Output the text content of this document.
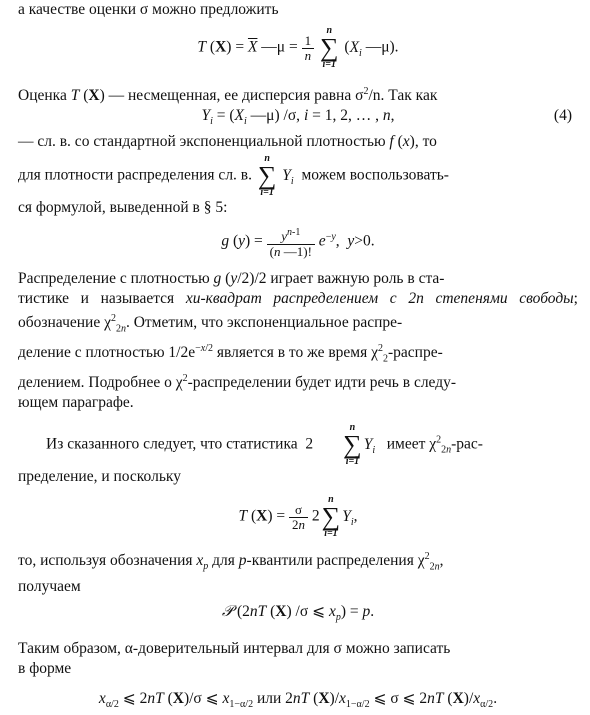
а качестве оценки σ можно предложить

T $(X) = \overline{X}$ —μ = $\frac{1}{n}$

n
∑
i=1
($X_i$ —μ).

Оценка T (X) — несмещенная, ее дисперсия равна $\sigma^2/n$. Так как

$Y_i = (X_i$ —μ) /σ, i = 1, 2, … , n,	(4)

— сл. в. со стандартной экспоненциальной плотностью f (x), то

для плотности распределения сл. в.
n
∑
i=1
$Y_i$ можем воспользовать-

ся формулой, выведенной в § 5:

g $(y) = \frac{y^{n-1}}{(n —1)!} e^{-y}$,  y>0.

Распределение с плотностью g (y/2)/2 играет важную роль в ста-

тистике и называется хи-квадрат распределением с 2n степенями свободы; обозначение $\chi^2_{2n}$. Отметим, что экспоненциальное распре-

деление с плотностью $1/2e^{-x/2}$ является в то же время $\chi^2_2-распре-$

делением. Подробнее о $\chi^2$-распределении будет идти речь в следу-

ющем параграфе.

Из сказанного следует, что статистика  2
n
∑
i=1
$Y_i$ имеет $\chi^2_{2n}-рас-$

пределение, и поскольку

T $(X) = \frac{\sigma}{2n} 2$
n
∑
i=1
$Y_i$,

то, используя обозначения $x_p$ для p-квантили распределения $\chi^2_{2n}$,

получаем

𝒫 (2nT (X) /σ ⩽ $x_p) = p$.

Таким образом, α-доверительный интервал для σ можно записать

в форме

$x_{\alpha/2}$ ⩽ 2nT (X)/σ ⩽ $x_{1-\alpha/2}$ или 2nT $(X)/x_{1-\alpha/2}$ ⩽ σ ⩽ 2nT $(X)/x_{\alpha/2}$.
